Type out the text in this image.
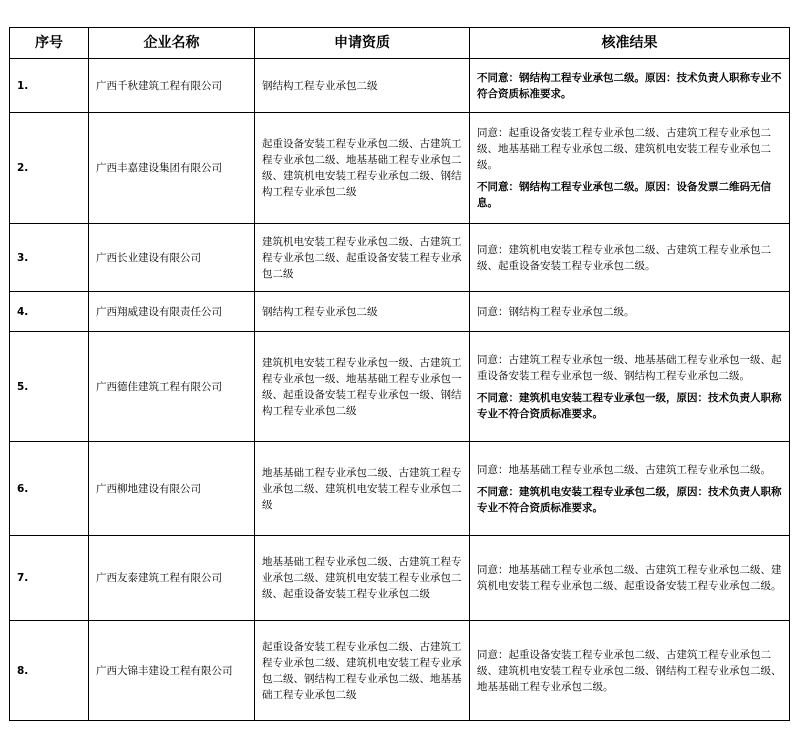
序号	企业名称	申请资质	核准结果
1.	广西千秋建筑工程有限公司	钢结构工程专业承包二级	不同意：钢结构工程专业承包二级。原因：技术负责人职称专业不符合资质标准要求。

2.	广西丰嘉建设集团有限公司	起重设备安装工程专业承包二级、古建筑工程专业承包二级、地基基础工程专业承包二级、建筑机电安装工程专业承包二级、钢结构工程专业承包二级	同意：起重设备安装工程专业承包二级、古建筑工程专业承包二级、地基基础工程专业承包二级、建筑机电安装工程专业承包二级。

不同意：钢结构工程专业承包二级。原因：设备发票二维码无信息。

3.	广西长业建设有限公司	建筑机电安装工程专业承包二级、古建筑工程专业承包二级、起重设备安装工程专业承包二级	同意：建筑机电安装工程专业承包二级、古建筑工程专业承包二级、起重设备安装工程专业承包二级。

4.	广西翔威建设有限责任公司	钢结构工程专业承包二级	同意：钢结构工程专业承包二级。

5.	广西德佳建筑工程有限公司	建筑机电安装工程专业承包一级、古建筑工程专业承包一级、地基基础工程专业承包一级、起重设备安装工程专业承包一级、钢结构工程专业承包二级	同意：古建筑工程专业承包一级、地基基础工程专业承包一级、起重设备安装工程专业承包一级、钢结构工程专业承包二级。

不同意：建筑机电安装工程专业承包一级，原因：技术负责人职称专业不符合资质标准要求。

6.	广西柳地建设有限公司	地基基础工程专业承包二级、古建筑工程专业承包二级、建筑机电安装工程专业承包二级	同意：地基基础工程专业承包二级、古建筑工程专业承包二级。

不同意：建筑机电安装工程专业承包二级，原因：技术负责人职称专业不符合资质标准要求。

7.	广西友泰建筑工程有限公司	地基基础工程专业承包二级、古建筑工程专业承包二级、建筑机电安装工程专业承包二级、起重设备安装工程专业承包二级	同意：地基基础工程专业承包二级、古建筑工程专业承包二级、建筑机电安装工程专业承包二级、起重设备安装工程专业承包二级。

8.	广西大锦丰建设工程有限公司	起重设备安装工程专业承包二级、古建筑工程专业承包二级、建筑机电安装工程专业承包二级、钢结构工程专业承包二级、地基基础工程专业承包二级	同意：起重设备安装工程专业承包二级、古建筑工程专业承包二级、建筑机电安装工程专业承包二级、钢结构工程专业承包二级、地基基础工程专业承包二级。
